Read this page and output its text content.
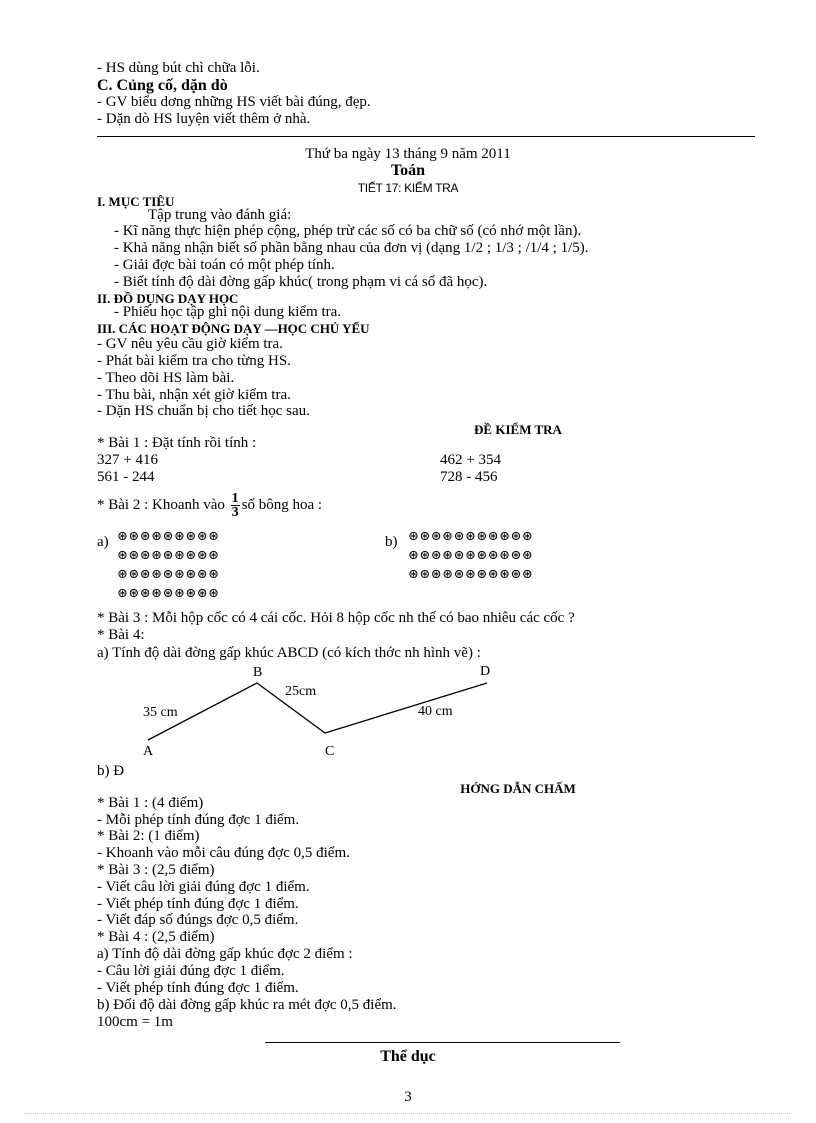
- HS dùng bút chì chữa lỗi.
C. Củng cố, dặn dò
- GV biểu dơng những HS viết bài đúng, đẹp.
- Dặn dò HS luyện viết thêm ở nhà.
Thứ ba ngày 13 tháng 9 năm 2011
Toán
TIẾT 17: KIỂM TRA
I. MỤC TIÊU
Tập trung vào đánh giá:
- Kĩ năng thực hiện phép cộng, phép trừ các số có ba chữ số (có nhớ một lần).
- Khả năng nhận biết số phần bằng nhau của đơn vị (dạng 1/2 ; 1/3 ; /1/4 ; 1/5).
- Giải đợc bài toán có một phép tính.
- Biết tính độ dài đờng gấp khúc( trong phạm vi cá số đã học).
II. ĐỒ DỤNG DẠY HỌC
- Phiếu học tập ghi nội dung kiểm tra.
III. CÁC HOẠT ĐỘNG DẠY —HỌC CHỦ YẾU
- GV nêu yêu cầu giờ kiểm tra.
- Phát bài kiểm tra cho từng HS.
- Theo dõi HS làm bài.
- Thu bài, nhận xét giờ kiểm tra.
- Dặn HS chuẩn bị cho tiết học sau.
ĐỀ KIỂM TRA
* Bài 1 : Đặt tính rồi tính :
327 + 416	462 + 354
561 - 244	728 - 456
* Bài 2 : Khoanh vào $\frac{1}{3}$ số bông hoa :
a) ⊛⊛⊛⊛⊛⊛⊛⊛⊛
⊛⊛⊛⊛⊛⊛⊛⊛⊛
⊛⊛⊛⊛⊛⊛⊛⊛⊛
⊛⊛⊛⊛⊛⊛⊛⊛⊛
b) ⊛⊛⊛⊛⊛⊛⊛⊛⊛⊛⊛
⊛⊛⊛⊛⊛⊛⊛⊛⊛⊛⊛
⊛⊛⊛⊛⊛⊛⊛⊛⊛⊛⊛
* Bài 3 : Mỗi hộp cốc có 4 cái cốc. Hỏi 8 hộp cốc nh thế có bao nhiêu các cốc ?
* Bài 4:
a) Tính độ dài đờng gấp khúc ABCD (có kích thớc nh hình vẽ) :
A
B
C
D
35 cm
25cm
40 cm
b) Đ
HỚNG DẪN CHẤM
* Bài 1 : (4 điểm)
- Mỗi phép tính đúng đợc 1 điểm.
* Bài 2: (1 điểm)
- Khoanh vào mỗi câu đúng đợc 0,5 điểm.
* Bài 3 : (2,5 điểm)
- Viết câu lời giải đúng đợc 1 điểm.
- Viết phép tính đúng đợc 1 điểm.
- Viết đáp số đúngs đợc 0,5 điểm.
* Bài 4 : (2,5 điểm)
a) Tính độ dài đờng gấp khúc đợc 2 điểm :
- Câu lời giải đúng đợc 1 điểm.
- Viết phép tính đúng đợc 1 điểm.
b) Đổi độ dài đờng gấp khúc ra mét đợc 0,5 điểm.
100cm = 1m
Thể dục
3
